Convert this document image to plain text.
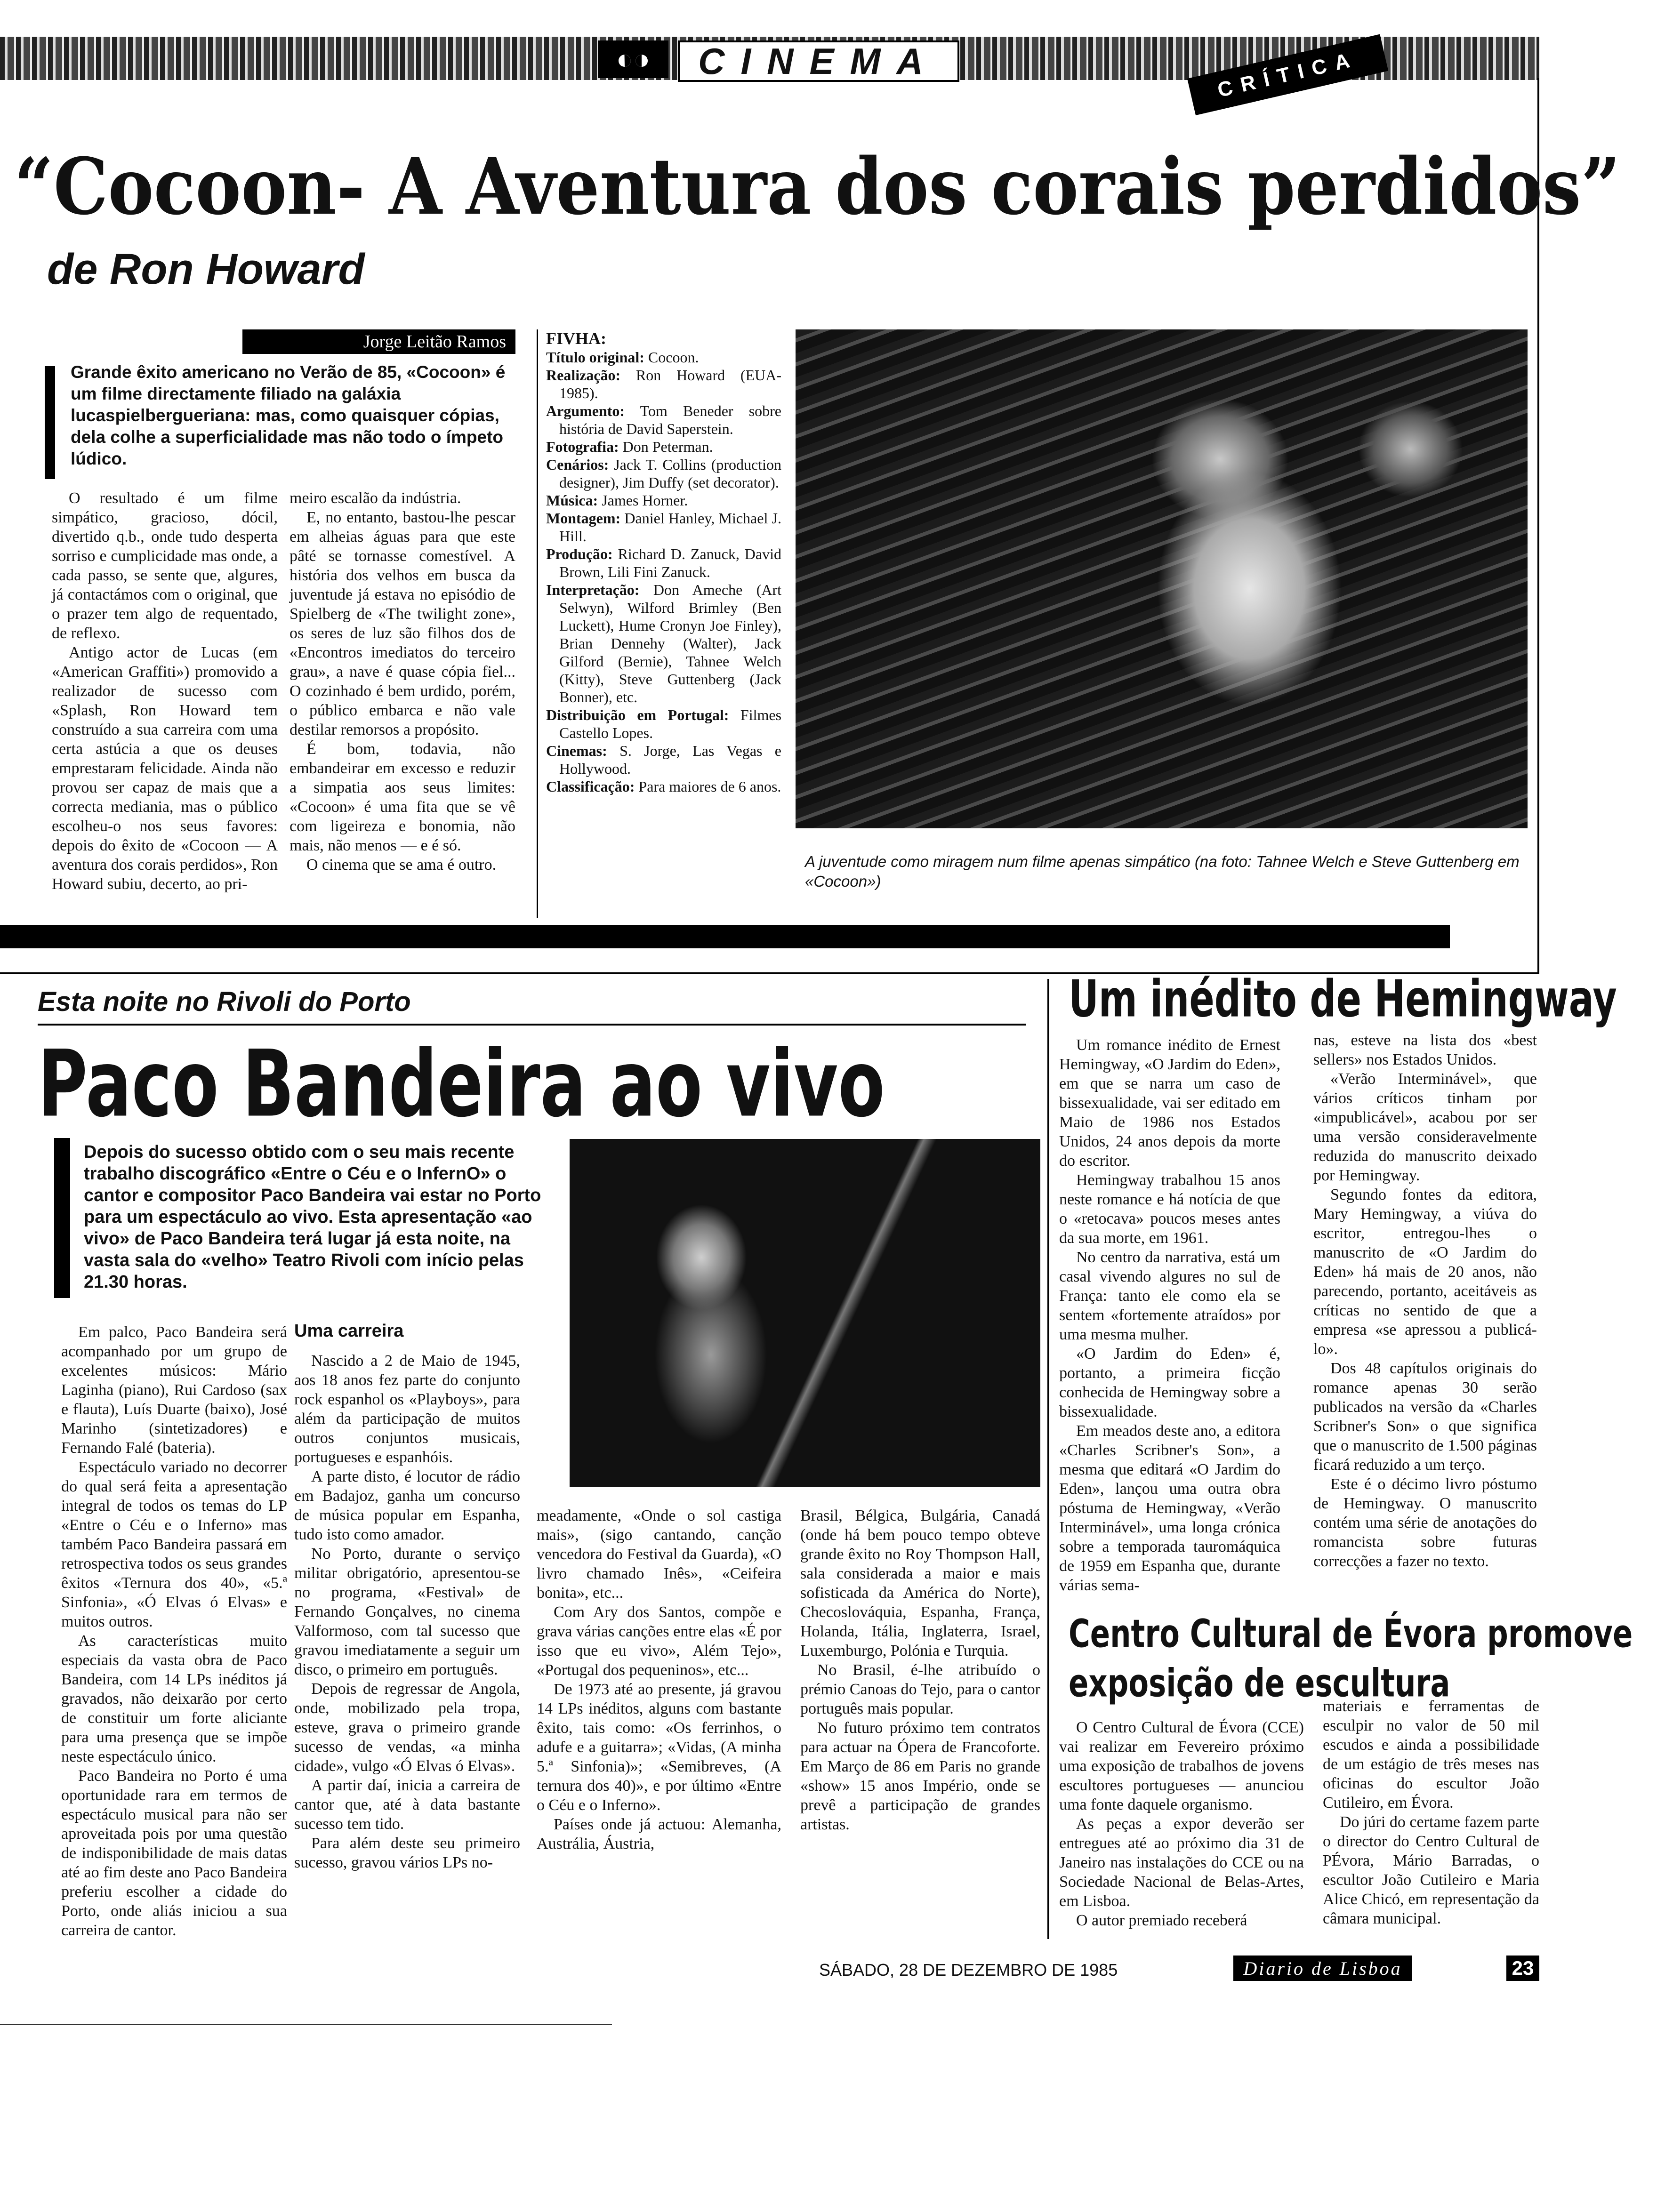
◐◑	CINEMA	CRÍTICA
“Cocoon- A Aventura dos corais perdidos”
de Ron Howard
Jorge Leitão Ramos
Grande êxito americano no Verão de 85, «Cocoon» é um filme directamente filiado na galáxia lucaspielbergueriana: mas, como quaisquer cópias, dela colhe a superficialidade mas não todo o ímpeto lúdico.

O resultado é um filme simpático, gracioso, dócil, divertido q.b., onde tudo desperta sorriso e cumplicidade mas onde, a cada passo, se sente que, algures, já contactámos com o original, que o prazer tem algo de requentado, de reflexo.

Antigo actor de Lucas (em «American Graffiti») promovido a realizador de sucesso com «Splash, Ron Howard tem construído a sua carreira com uma certa astúcia a que os deuses emprestaram felicidade. Ainda não provou ser capaz de mais que a correcta mediania, mas o público escolheu-o nos seus favores: depois do êxito de «Cocoon — A aventura dos corais perdidos», Ron Howard subiu, decerto, ao pri-

meiro escalão da indústria.

E, no entanto, bastou-lhe pescar em alheias águas para que este pâté se tornasse comestível. A história dos velhos em busca da juventude já estava no episódio de Spielberg de «The twilight zone», os seres de luz são filhos dos de «Encontros imediatos do terceiro grau», a nave é quase cópia fiel... O cozinhado é bem urdido, porém, o público embarca e não vale destilar remorsos a propósito.

É bom, todavia, não embandeirar em excesso e reduzir a simpatia aos seus limites: «Cocoon» é uma fita que se vê com ligeireza e bonomia, não mais, não menos — e é só.

O cinema que se ama é outro.

FIVHA:

Título original: Cocoon.

Realização: Ron Howard (EUA-1985).

Argumento: Tom Beneder sobre história de David Saperstein.

Fotografia: Don Peterman.

Cenários: Jack T. Collins (production designer), Jim Duffy (set decorator).

Música: James Horner.

Montagem: Daniel Hanley, Michael J. Hill.

Produção: Richard D. Zanuck, David Brown, Lili Fini Zanuck.

Interpretação: Don Ameche (Art Selwyn), Wilford Brimley (Ben Luckett), Hume Cronyn Joe Finley), Brian Dennehy (Walter), Jack Gilford (Bernie), Tahnee Welch (Kitty), Steve Guttenberg (Jack Bonner), etc.

Distribuição em Portugal: Filmes Castello Lopes.

Cinemas: S. Jorge, Las Vegas e Hollywood.

Classificação: Para maiores de 6 anos.

A juventude como miragem num filme apenas simpático (na foto: Tahnee Welch e Steve Guttenberg em «Cocoon»)
Esta noite no Rivoli do Porto
Paco Bandeira ao vivo
Depois do sucesso obtido com o seu mais recente trabalho discográfico «Entre o Céu e o InfernO» o cantor e compositor Paco Bandeira vai estar no Porto para um espectáculo ao vivo. Esta apresentação «ao vivo» de Paco Bandeira terá lugar já esta noite, na vasta sala do «velho» Teatro Rivoli com início pelas 21.30 horas.

Em palco, Paco Bandeira será acompanhado por um grupo de excelentes músicos: Mário Laginha (piano), Rui Cardoso (sax e flauta), Luís Duarte (baixo), José Marinho (sintetizadores) e Fernando Falé (bateria).

Espectáculo variado no decorrer do qual será feita a apresentação integral de todos os temas do LP «Entre o Céu e o Inferno» mas também Paco Bandeira passará em retrospectiva todos os seus grandes êxitos «Ternura dos 40», «5.ª Sinfonia», «Ó Elvas ó Elvas» e muitos outros.

As características muito especiais da vasta obra de Paco Bandeira, com 14 LPs inéditos já gravados, não deixarão por certo de constituir um forte aliciante para uma presença que se impõe neste espectáculo único.

Paco Bandeira no Porto é uma oportunidade rara em termos de espectáculo musical para não ser aproveitada pois por uma questão de indisponibilidade de mais datas até ao fim deste ano Paco Bandeira preferiu escolher a cidade do Porto, onde aliás iniciou a sua carreira de cantor.

Uma carreira

Nascido a 2 de Maio de 1945, aos 18 anos fez parte do conjunto rock espanhol os «Playboys», para além da participação de muitos outros conjuntos musicais, portugueses e espanhóis.

A parte disto, é locutor de rádio em Badajoz, ganha um concurso de música popular em Espanha, tudo isto como amador.

No Porto, durante o serviço militar obrigatório, apresentou-se no programa, «Festival» de Fernando Gonçalves, no cinema Valformoso, com tal sucesso que gravou imediatamente a seguir um disco, o primeiro em português.

Depois de regressar de Angola, onde, mobilizado pela tropa, esteve, grava o primeiro grande sucesso de vendas, «a minha cidade», vulgo «Ó Elvas ó Elvas».

A partir daí, inicia a carreira de cantor que, até à data bastante sucesso tem tido.

Para além deste seu primeiro sucesso, gravou vários LPs no-

meadamente, «Onde o sol castiga mais», (sigo cantando, canção vencedora do Festival da Guarda), «O livro chamado Inês», «Ceifeira bonita», etc...

Com Ary dos Santos, compõe e grava várias canções entre elas «É por isso que eu vivo», Além Tejo», «Portugal dos pequeninos», etc...

De 1973 até ao presente, já gravou 14 LPs inéditos, alguns com bastante êxito, tais como: «Os ferrinhos, o adufe e a guitarra»; «Vidas, (A minha 5.ª Sinfonia)»; «Semibreves, (A ternura dos 40)», e por último «Entre o Céu e o Inferno».

Países onde já actuou: Alemanha, Austrália, Áustria,

Brasil, Bélgica, Bulgária, Canadá (onde há bem pouco tempo obteve grande êxito no Roy Thompson Hall, sala considerada a maior e mais sofisticada da América do Norte), Checoslováquia, Espanha, França, Holanda, Itália, Inglaterra, Israel, Luxemburgo, Polónia e Turquia.

No Brasil, é-lhe atribuído o prémio Canoas do Tejo, para o cantor português mais popular.

No futuro próximo tem contratos para actuar na Ópera de Francoforte. Em Março de 86 em Paris no grande «show» 15 anos Império, onde se prevê a participação de grandes artistas.

Um inédito de Hemingway

Um romance inédito de Ernest Hemingway, «O Jardim do Eden», em que se narra um caso de bissexualidade, vai ser editado em Maio de 1986 nos Estados Unidos, 24 anos depois da morte do escritor.

Hemingway trabalhou 15 anos neste romance e há notícia de que o «retocava» poucos meses antes da sua morte, em 1961.

No centro da narrativa, está um casal vivendo algures no sul de França: tanto ele como ela se sentem «fortemente atraídos» por uma mesma mulher.

«O Jardim do Eden» é, portanto, a primeira ficção conhecida de Hemingway sobre a bissexualidade.

Em meados deste ano, a editora «Charles Scribner's Son», a mesma que editará «O Jardim do Eden», lançou uma outra obra póstuma de Hemingway, «Verão Interminável», uma longa crónica sobre a temporada tauromáquica de 1959 em Espanha que, durante várias sema-

nas, esteve na lista dos «best sellers» nos Estados Unidos.

«Verão Interminável», que vários críticos tinham por «impublicável», acabou por ser uma versão consideravelmente reduzida do manuscrito deixado por Hemingway.

Segundo fontes da editora, Mary Hemingway, a viúva do escritor, entregou-lhes o manuscrito de «O Jardim do Eden» há mais de 20 anos, não parecendo, portanto, aceitáveis as críticas no sentido de que a empresa «se apressou a publicá-lo».

Dos 48 capítulos originais do romance apenas 30 serão publicados na versão da «Charles Scribner's Son» o que significa que o manuscrito de 1.500 páginas ficará reduzido a um terço.

Este é o décimo livro póstumo de Hemingway. O manuscrito contém uma série de anotações do romancista sobre futuras correcções a fazer no texto.

Centro Cultural de Évora promove
exposição de escultura

O Centro Cultural de Évora (CCE) vai realizar em Fevereiro próximo uma exposição de trabalhos de jovens escultores portugueses — anunciou uma fonte daquele organismo.

As peças a expor deverão ser entregues até ao próximo dia 31 de Janeiro nas instalações do CCE ou na Sociedade Nacional de Belas-Artes, em Lisboa.

O autor premiado receberá

materiais e ferramentas de esculpir no valor de 50 mil escudos e ainda a possibilidade de um estágio de três meses nas oficinas do escultor João Cutileiro, em Évora.

Do júri do certame fazem parte o director do Centro Cultural de PÉvora, Mário Barradas, o escultor João Cutileiro e Maria Alice Chicó, em representação da câmara municipal.

SÁBADO, 28 DE DEZEMBRO DE 1985	Diario de Lisboa	23
